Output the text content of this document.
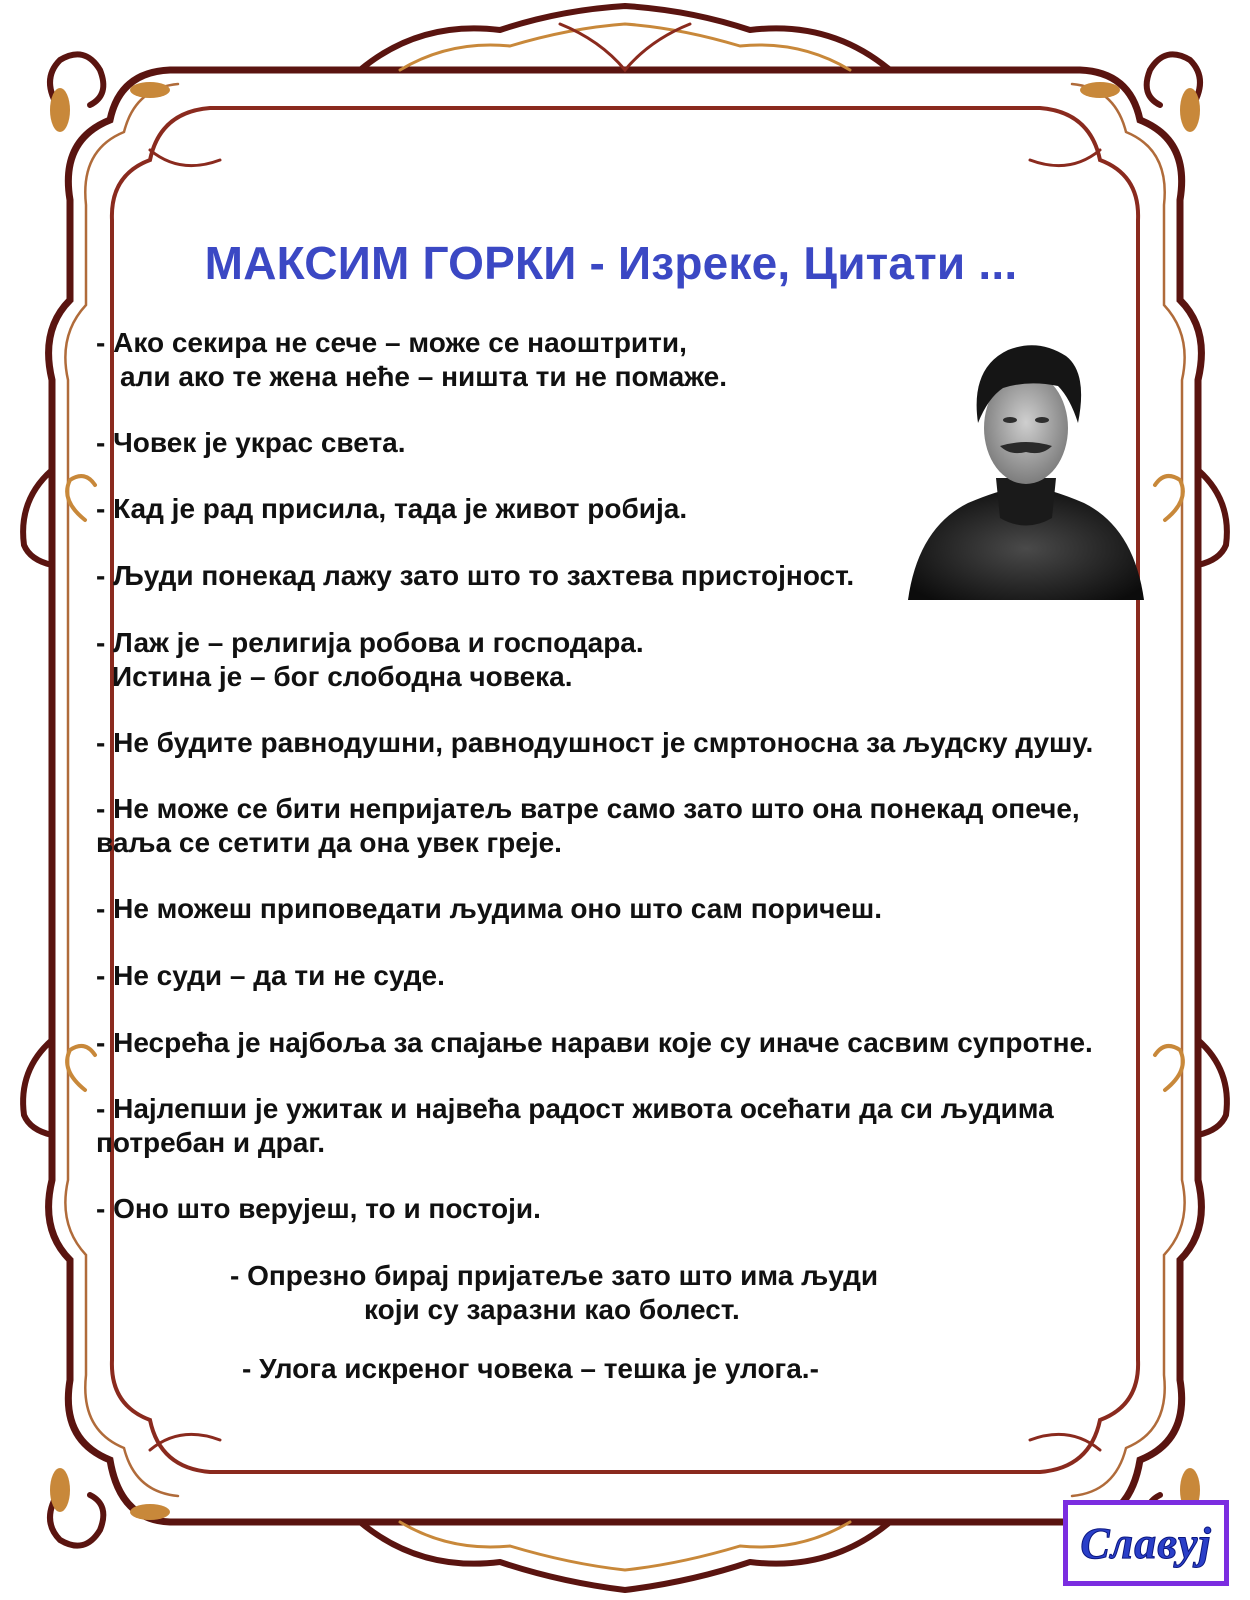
МАКСИМ ГОРКИ - Изреке, Цитати ...
- Ако секира не сече – може се наоштрити,
али ако те жена неће – ништа ти не помаже.
- Човек је украс света.
- Кад је рад присила, тада је живот робија.
- Људи понекад лажу зато што то захтева пристојност.
- Лаж је – религија робова и господара.
Истина је – бог слободна човека.
- Не будите равнодушни, равнодушност је смртоносна за људску душу.
- Не може се бити непријатељ ватре само зато што она понекад опече,
ваља се сетити да она увек греје.
- Не можеш приповедати људима оно што сам поричеш.
- Не суди – да ти не суде.
- Несрећа је најбоља за спајање нарави које су иначе сасвим супротне.
- Најлепши је ужитак и највећа радост живота осећати да си људима
потребан и драг.
- Оно што верујеш, то и постоји.
- Опрезно бирај пријатеље зато што има људи
који су заразни као болест.
- Улога искреног човека – тешка је улога.-
Славуј
